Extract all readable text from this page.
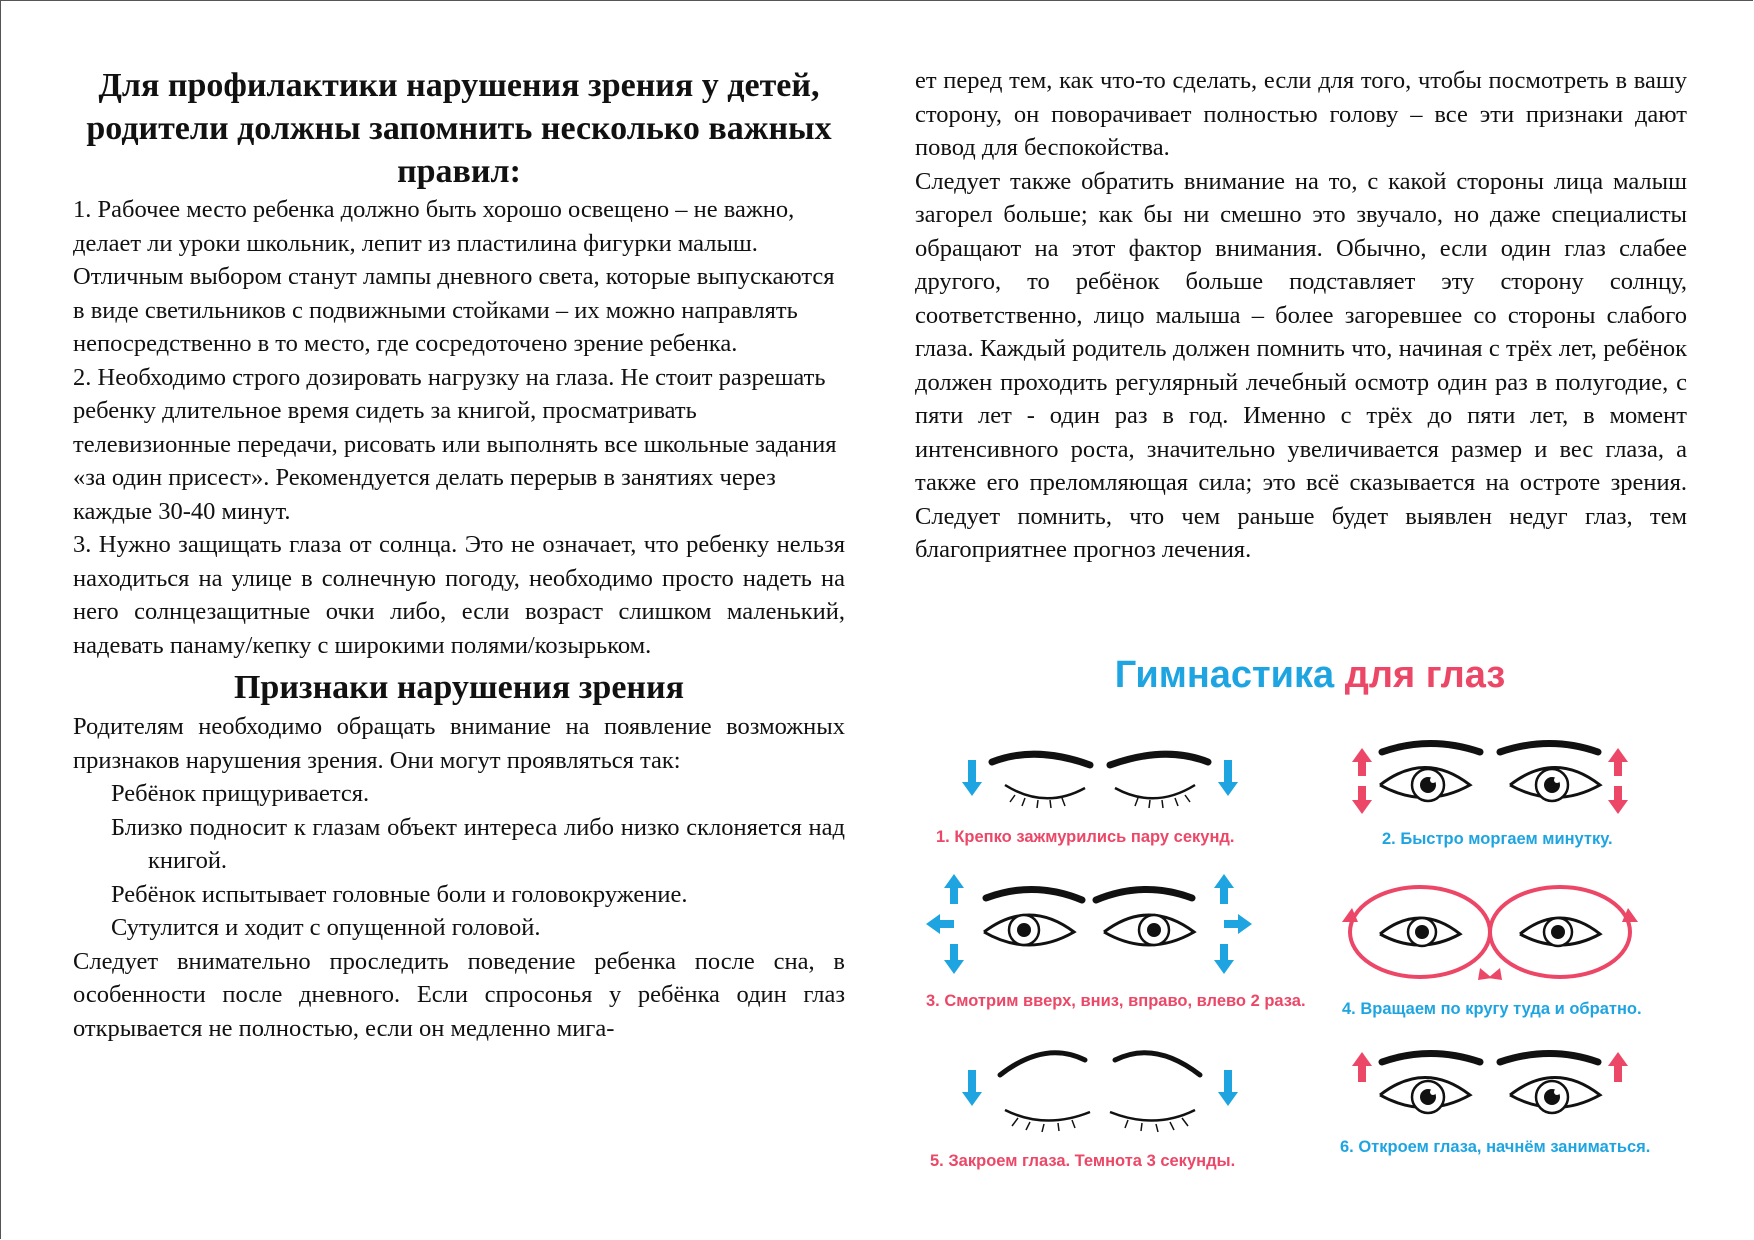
Для профилактики нарушения зрения у детей, родители должны запомнить несколько важных правил:

1. Рабочее место ребенка должно быть хорошо освещено – не важно, делает ли уроки школьник, лепит из пластилина фигурки малыш. Отличным выбором станут лампы дневного света, которые выпускаются в виде светильников с подвижными стойками – их можно направлять непосредственно в то место, где сосредоточено зрение ребенка.

2. Необходимо строго дозировать нагрузку на глаза. Не стоит разрешать ребенку длительное время сидеть за книгой, просматривать телевизионные передачи, рисовать или выполнять все школьные задания «за один присест». Рекомендуется делать перерыв в занятиях через каждые 30-40 минут.

3. Нужно защищать глаза от солнца. Это не означает, что ребенку нельзя находиться на улице в солнечную погоду, необходимо просто надеть на него солнцезащитные очки либо, если возраст слишком маленький, надевать панаму/кепку с широкими полями/козырьком.

Признаки нарушения зрения

Родителям необходимо обращать внимание на появление возможных признаков нарушения зрения. Они могут проявляться так:

Ребёнок прищуривается.
Близко подносит к глазам объект интереса либо низко склоняется над книгой.
Ребёнок испытывает головные боли и головокружение.
Сутулится и ходит с опущенной головой.

Следует внимательно проследить поведение ребенка после сна, в особенности после дневного. Если спросонья у ребёнка один глаз открывается не полностью, если он медленно мига-

ет перед тем, как что-то сделать, если для того, чтобы посмотреть в вашу сторону, он поворачивает полностью голову – все эти признаки дают повод для беспокойства.

Следует также обратить внимание на то, с какой стороны лица малыш загорел больше; как бы ни смешно это звучало, но даже специалисты обращают на этот фактор внимания. Обычно, если один глаз слабее другого, то ребёнок больше подставляет эту сторону солнцу, соответственно, лицо малыша – более загоревшее со стороны слабого глаза. Каждый родитель должен помнить что, начиная с трёх лет, ребёнок должен проходить регулярный лечебный осмотр один раз в полугодие, с пяти лет - один раз в год. Именно с трёх до пяти лет, в момент интенсивного роста, значительно увеличивается размер и вес глаза, а также его преломляющая сила; это всё сказывается на остроте зрения. Следует помнить, что чем раньше будет выявлен недуг глаз, тем благоприятнее прогноз лечения.

Гимнастика для глаз
1. Крепко зажмурились пару секунд.	2. Быстро моргаем минутку.
3. Смотрим вверх, вниз, вправо, влево 2 раза. 4. Вращаем по кругу туда и обратно.
5. Закроем глаза. Темнота 3 секунды.
6. Откроем глаза, начнём заниматься.
